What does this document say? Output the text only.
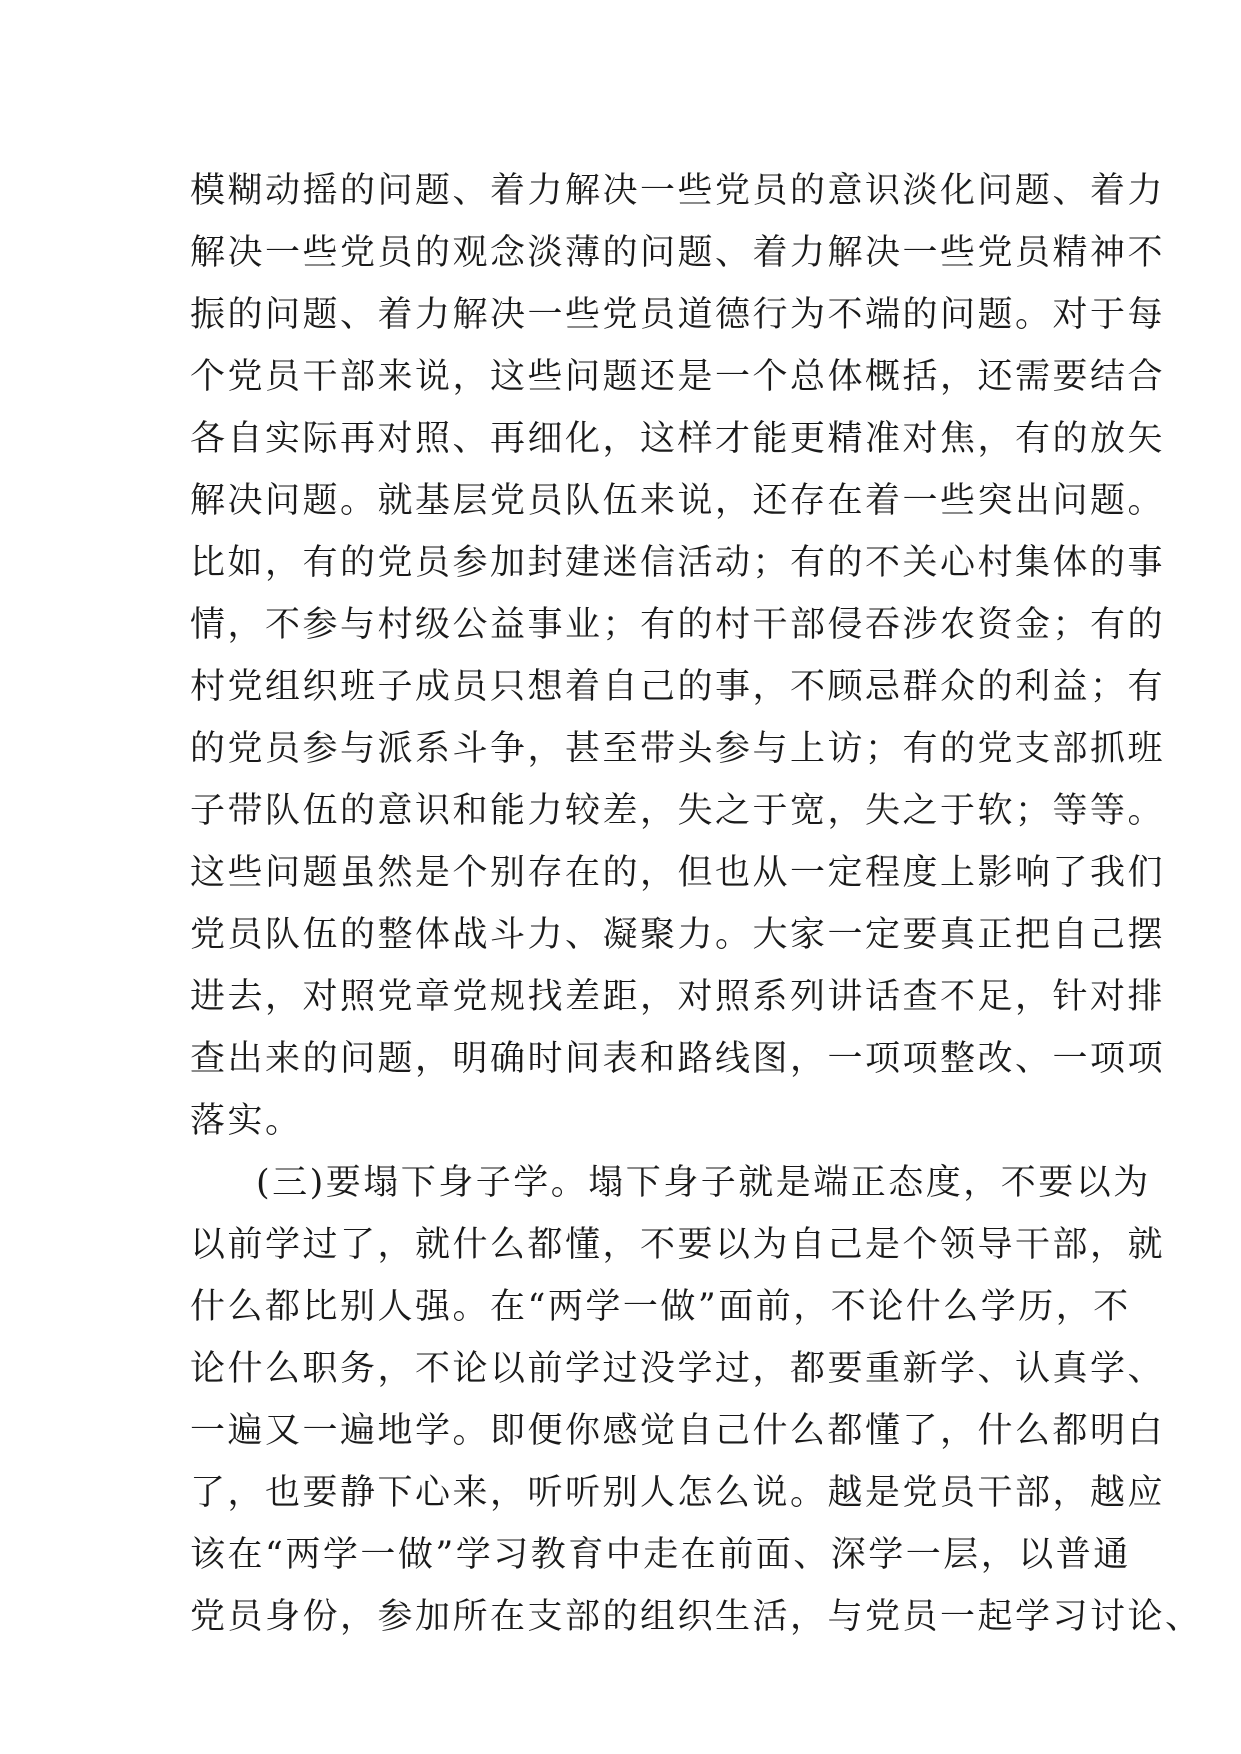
模糊动摇的问题、着力解决一些党员的意识淡化问题、着力
解决一些党员的观念淡薄的问题、着力解决一些党员精神不
振的问题、着力解决一些党员道德行为不端的问题。对于每
个党员干部来说，这些问题还是一个总体概括，还需要结合
各自实际再对照、再细化，这样才能更精准对焦，有的放矢
解决问题。就基层党员队伍来说，还存在着一些突出问题。
比如，有的党员参加封建迷信活动；有的不关心村集体的事
情，不参与村级公益事业；有的村干部侵吞涉农资金；有的
村党组织班子成员只想着自己的事，不顾忌群众的利益；有
的党员参与派系斗争，甚至带头参与上访；有的党支部抓班
子带队伍的意识和能力较差，失之于宽，失之于软；等等。
这些问题虽然是个别存在的，但也从一定程度上影响了我们
党员队伍的整体战斗力、凝聚力。大家一定要真正把自己摆
进去，对照党章党规找差距，对照系列讲话查不足，针对排
查出来的问题，明确时间表和路线图，一项项整改、一项项
落实。
(三)要塌下身子学。塌下身子就是端正态度，不要以为
以前学过了，就什么都懂，不要以为自己是个领导干部，就
什么都比别人强。在“两学一做”面前，不论什么学历，不
论什么职务，不论以前学过没学过，都要重新学、认真学、
一遍又一遍地学。即便你感觉自己什么都懂了，什么都明白
了，也要静下心来，听听别人怎么说。越是党员干部，越应
该在“两学一做”学习教育中走在前面、深学一层，以普通
党员身份，参加所在支部的组织生活，与党员一起学习讨论、
